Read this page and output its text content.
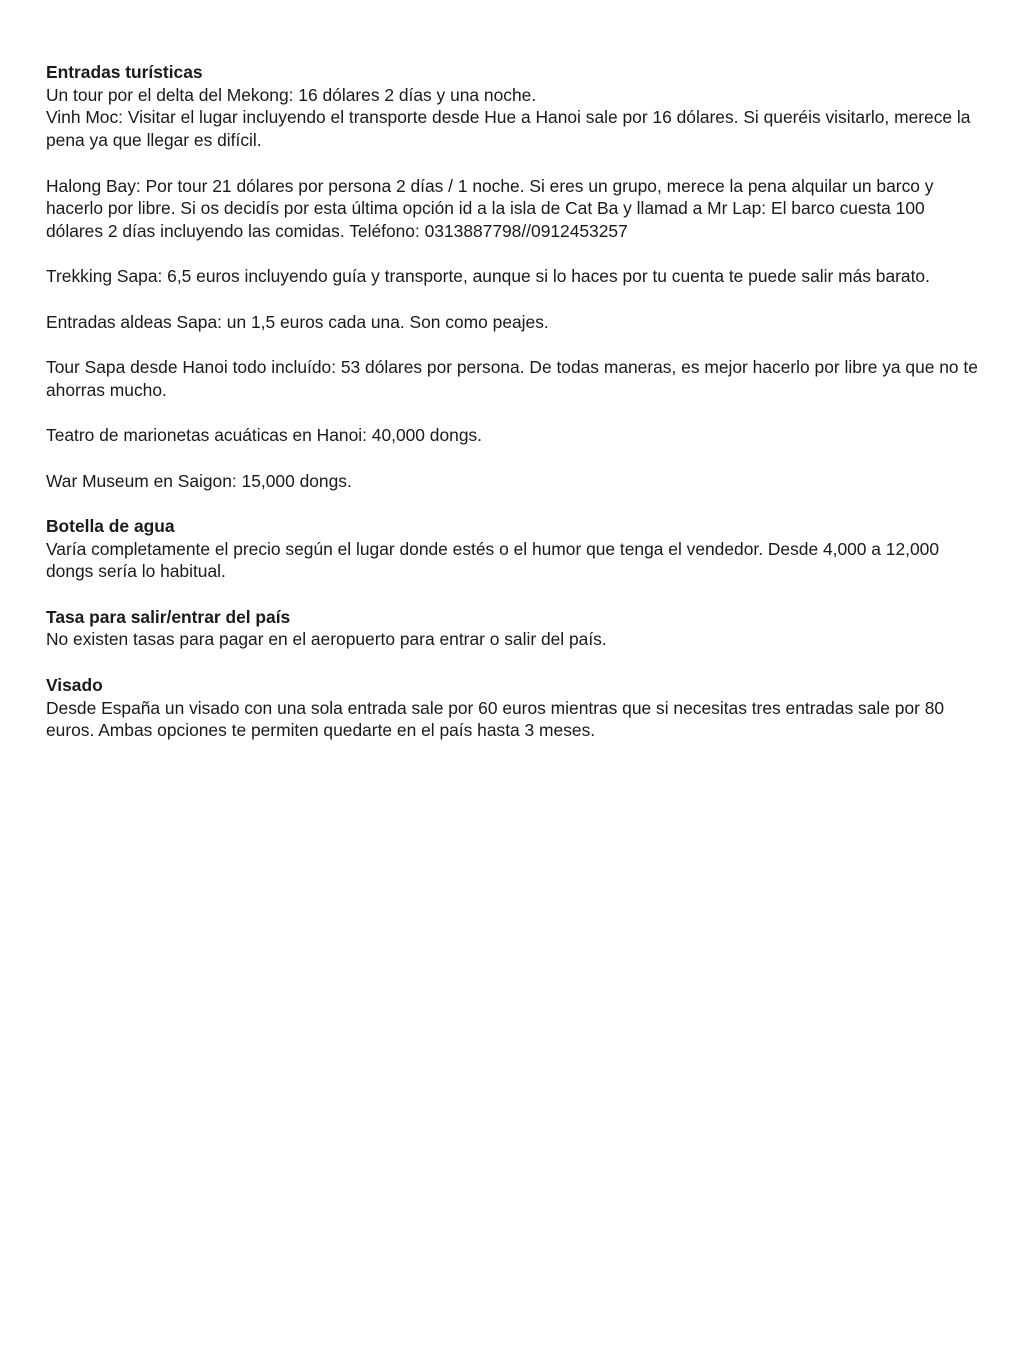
Entradas turísticas

Un tour por el delta del Mekong: 16 dólares 2 días y una noche.

Vinh Moc: Visitar el lugar incluyendo el transporte desde Hue a Hanoi sale por 16 dólares. Si queréis visitarlo, merece la pena ya que llegar es difícil.

Halong Bay: Por tour 21 dólares por persona 2 días / 1 noche. Si eres un grupo, merece la pena alquilar un barco y hacerlo por libre. Si os decidís por esta última opción id a la isla de Cat Ba y llamad a Mr Lap: El barco cuesta 100 dólares 2 días incluyendo las comidas. Teléfono: 0313887798//0912453257

Trekking Sapa: 6,5 euros incluyendo guía y transporte, aunque si lo haces por tu cuenta te puede salir más barato.

Entradas aldeas Sapa: un 1,5 euros cada una. Son como peajes.

Tour Sapa desde Hanoi todo incluído: 53 dólares por persona. De todas maneras, es mejor hacerlo por libre ya que no te ahorras mucho.

Teatro de marionetas acuáticas en Hanoi: 40,000 dongs.

War Museum en Saigon: 15,000 dongs.

Botella de agua

Varía completamente el precio según el lugar donde estés o el humor que tenga el vendedor. Desde 4,000 a 12,000 dongs sería lo habitual.

Tasa para salir/entrar del país

No existen tasas para pagar en el aeropuerto para entrar o salir del país.

Visado

Desde España un visado con una sola entrada sale por 60 euros mientras que si necesitas tres entradas sale por 80 euros. Ambas opciones te permiten quedarte en el país hasta 3 meses.
